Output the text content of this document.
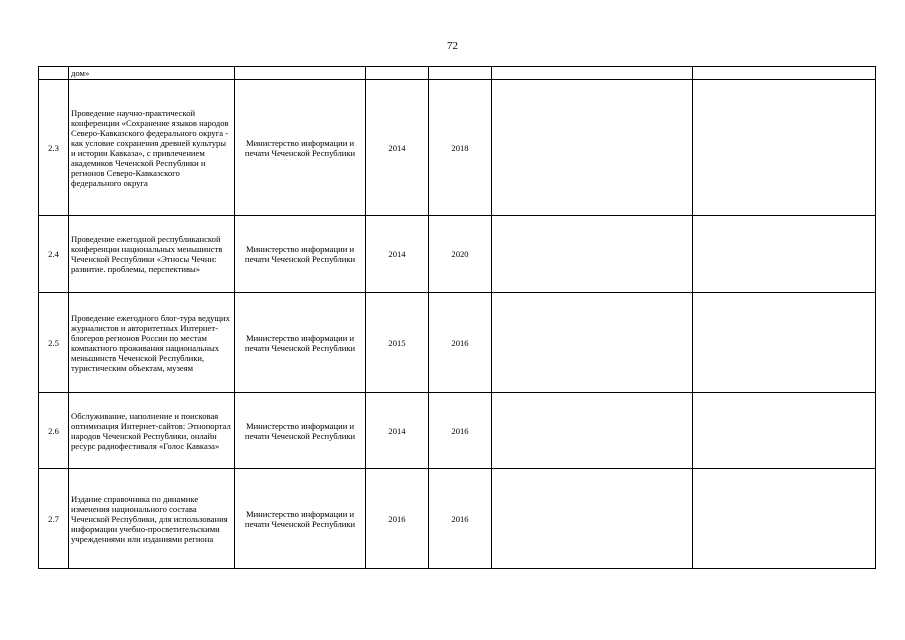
72
	дом»					
2.3	Проведение научно-практической конференции «Сохранение языков народов Северо-Кавказского федерального округа - как условие сохранения древней культуры и истории Кавказа», с привлечением академиков Чеченской Республики и регионов Северо-Кавказского федерального округа	Министерство информации и печати Чеченской Республики	2014	2018		
2.4	Проведение ежегодной республиканской конференции национальных меньшинств Чеченской Республики «Этносы Чечни: развитие. проблемы, перспективы»	Министерство информации и печати Чеченской Республики	2014	2020		
2.5	Проведение ежегодного блог-тура ведущих журналистов и авторитетных Интернет-блогеров регионов России по местам компактного проживания национальных меньшинств Чеченской Республики, туристическим объектам, музеям	Министерство информации и печати Чеченской Республики	2015	2016		
2.6	Обслуживание, наполнение и поисковая оптимизация Интернет-сайтов: Этнопортал народов Чеченской Республики, онлайн ресурс радиофестиваля «Голос Кавказа»	Министерство информации и печати Чеченской Республики	2014	2016		
2.7	Издание справочника по динамике изменения национального состава Чеченской Республики, для использования информации учебно-просветительскими учреждениями или изданиями региона	Министерство информации и печати Чеченской Республики	2016	2016		
